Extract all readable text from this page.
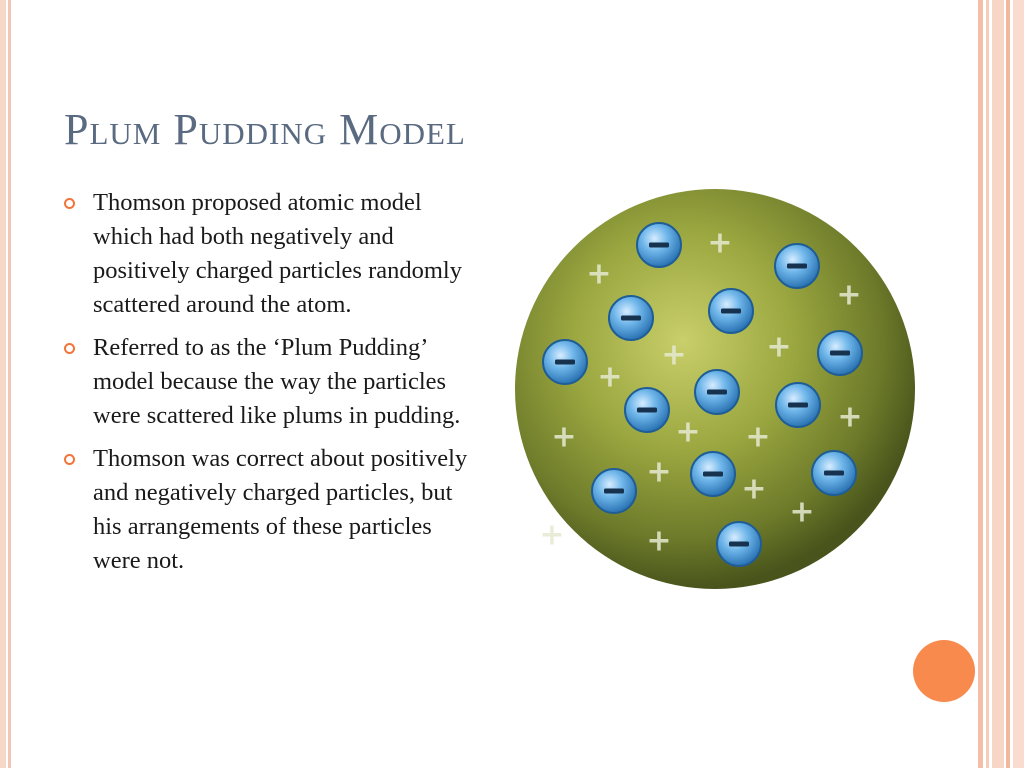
Plum Pudding Model
Thomson proposed atomic model which had both negatively and positively charged particles randomly scattered around the atom.
Referred to as the ‘Plum Pudding’ model because the way the particles were scattered like plums in pudding.
Thomson was correct about positively and negatively charged particles, but his arrangements of these particles were not.
+
+
+
+	+
+
+	+ +
+
+ +
+
+
+
